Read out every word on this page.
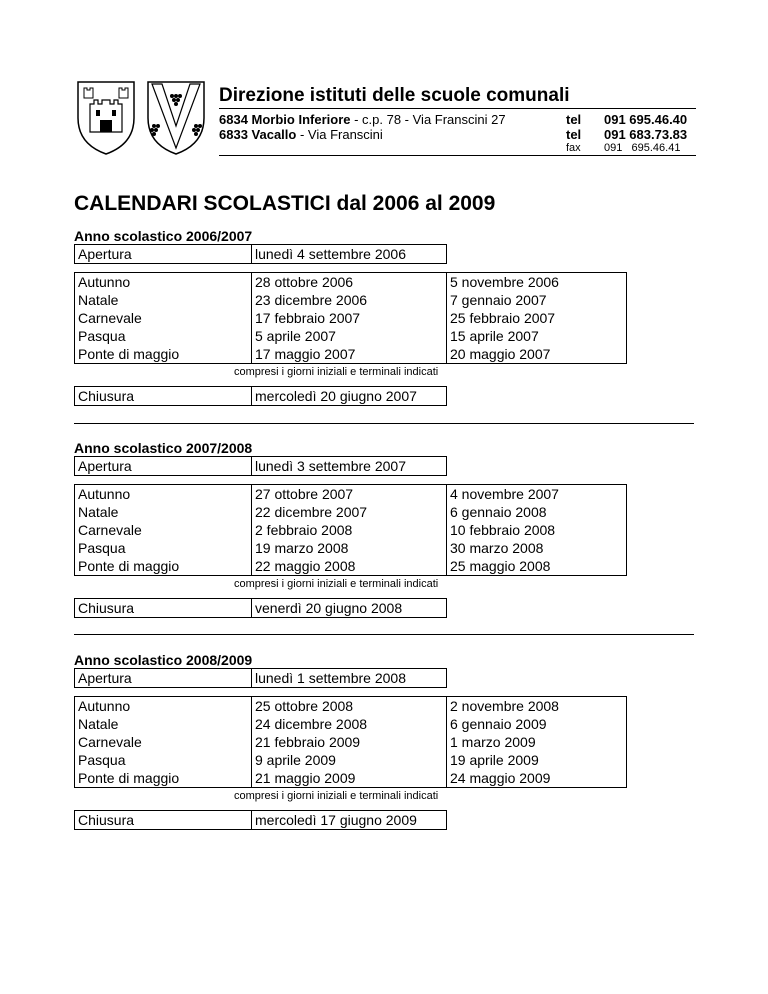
Direzione istituti delle scuole comunali
6834 Morbio Inferiore - c.p. 78 - Via Franscini 27
6833 Vacallo - Via Franscini
tel 091 695.46.40
tel 091 683.73.83
fax 091   695.46.41
CALENDARI SCOLASTICI dal 2006 al 2009
Anno scolastico 2006/2007
Apertura	lunedì 4 settembre 2006
Autunno	28 ottobre 2006	5 novembre 2006
Natale	23 dicembre 2006	7 gennaio 2007
Carnevale	17 febbraio 2007	25 febbraio 2007
Pasqua	5 aprile 2007	15 aprile 2007
Ponte di maggio	17 maggio 2007	20 maggio 2007
compresi i giorni iniziali e terminali indicati
Chiusura	mercoledì 20 giugno 2007
Anno scolastico 2007/2008
Apertura	lunedì 3 settembre 2007
Autunno	27 ottobre 2007	4 novembre 2007
Natale	22 dicembre 2007	6 gennaio 2008
Carnevale	2 febbraio 2008	10 febbraio 2008
Pasqua	19 marzo 2008	30 marzo 2008
Ponte di maggio	22 maggio 2008	25 maggio 2008
compresi i giorni iniziali e terminali indicati
Chiusura	venerdì 20 giugno 2008
Anno scolastico 2008/2009
Apertura	lunedì 1 settembre 2008
Autunno	25 ottobre 2008	2 novembre 2008
Natale	24 dicembre 2008	6 gennaio 2009
Carnevale	21 febbraio 2009	1 marzo 2009
Pasqua	9 aprile 2009	19 aprile 2009
Ponte di maggio	21 maggio 2009	24 maggio 2009
compresi i giorni iniziali e terminali indicati
Chiusura	mercoledì 17 giugno 2009
